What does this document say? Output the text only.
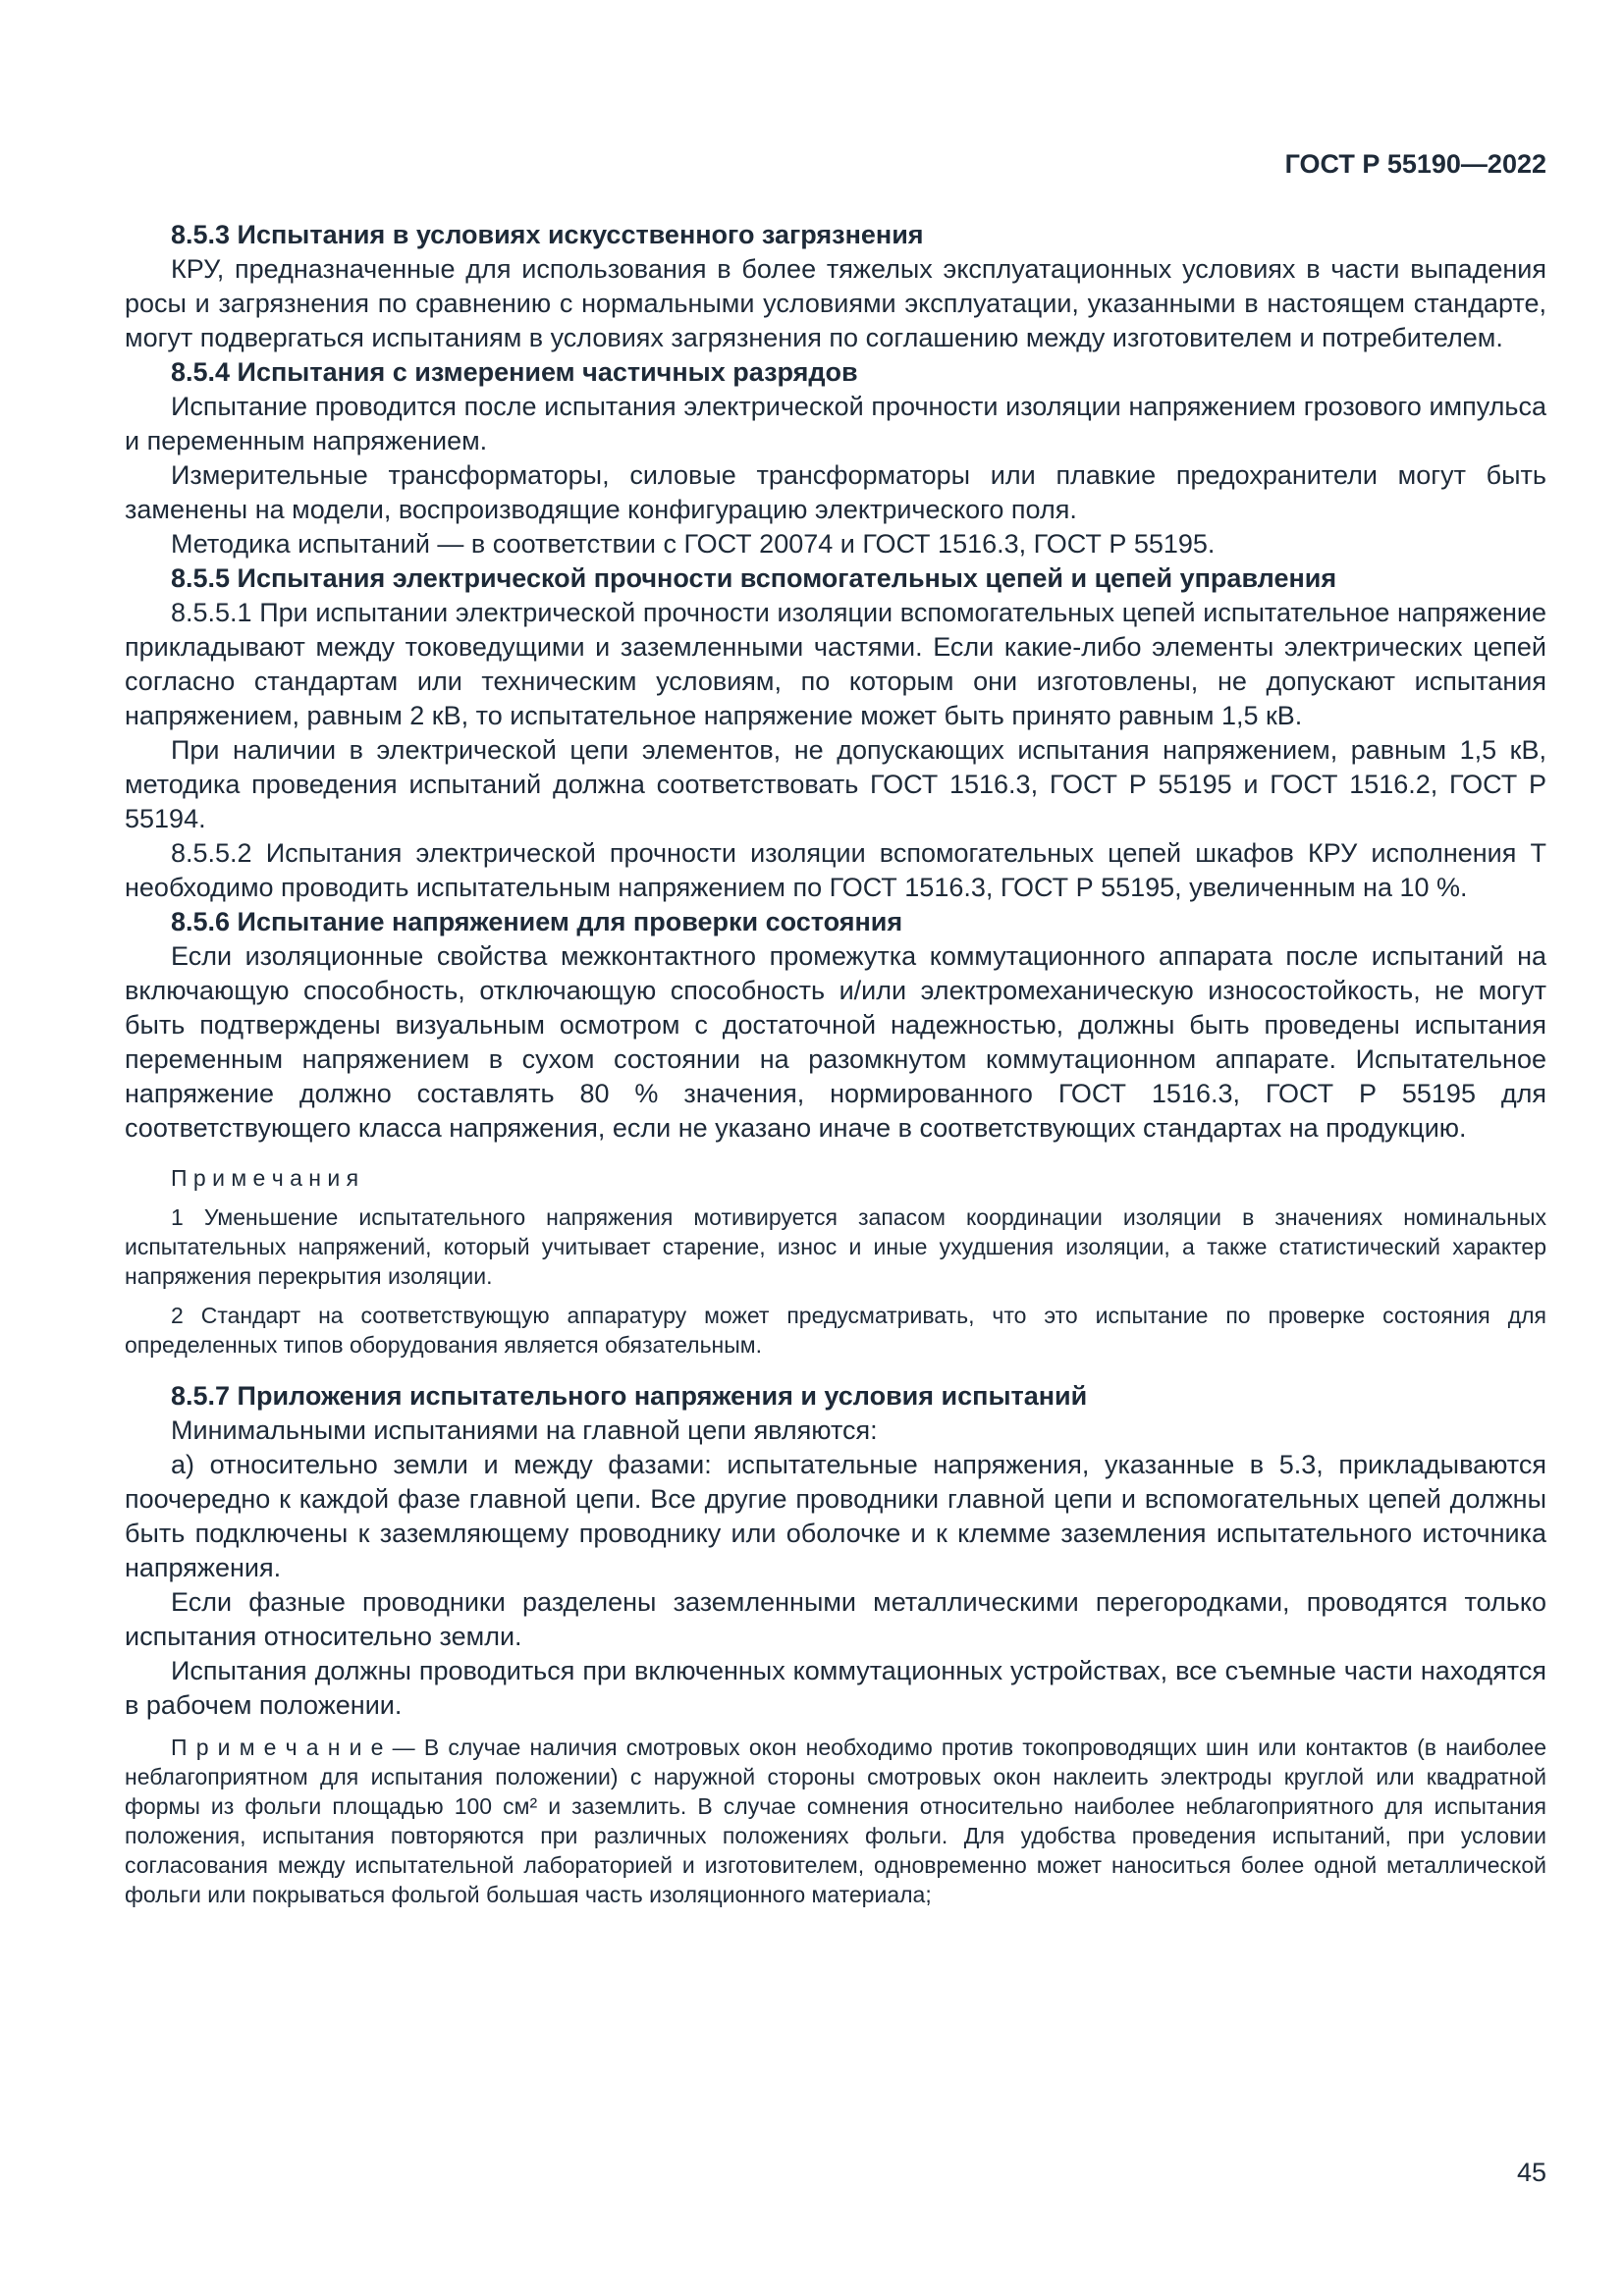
ГОСТ Р 55190—2022
8.5.3 Испытания в условиях искусственного загрязнения
КРУ, предназначенные для использования в более тяжелых эксплуатационных условиях в части выпадения росы и загрязнения по сравнению с нормальными условиями эксплуатации, указанными в настоящем стандарте, могут подвергаться испытаниям в условиях загрязнения по соглашению между изготовителем и потребителем.
8.5.4 Испытания с измерением частичных разрядов
Испытание проводится после испытания электрической прочности изоляции напряжением грозового импульса и переменным напряжением.
Измерительные трансформаторы, силовые трансформаторы или плавкие предохранители могут быть заменены на модели, воспроизводящие конфигурацию электрического поля.
Методика испытаний — в соответствии с ГОСТ 20074 и ГОСТ 1516.3, ГОСТ Р 55195.
8.5.5 Испытания электрической прочности вспомогательных цепей и цепей управления
8.5.5.1 При испытании электрической прочности изоляции вспомогательных цепей испытательное напряжение прикладывают между токоведущими и заземленными частями. Если какие-либо элементы электрических цепей согласно стандартам или техническим условиям, по которым они изготовлены, не допускают испытания напряжением, равным 2 кВ, то испытательное напряжение может быть принято равным 1,5 кВ.
При наличии в электрической цепи элементов, не допускающих испытания напряжением, равным 1,5 кВ, методика проведения испытаний должна соответствовать ГОСТ 1516.3, ГОСТ Р 55195 и ГОСТ 1516.2, ГОСТ Р 55194.
8.5.5.2 Испытания электрической прочности изоляции вспомогательных цепей шкафов КРУ исполнения Т необходимо проводить испытательным напряжением по ГОСТ 1516.3, ГОСТ Р 55195, увеличенным на 10 %.
8.5.6 Испытание напряжением для проверки состояния
Если изоляционные свойства межконтактного промежутка коммутационного аппарата после испытаний на включающую способность, отключающую способность и/или электромеханическую износостойкость, не могут быть подтверждены визуальным осмотром с достаточной надежностью, должны быть проведены испытания переменным напряжением в сухом состоянии на разомкнутом коммутационном аппарате. Испытательное напряжение должно составлять 80 % значения, нормированного ГОСТ 1516.3, ГОСТ Р 55195 для соответствующего класса напряжения, если не указано иначе в соответствующих стандартах на продукцию.
П р и м е ч а н и я
1 Уменьшение испытательного напряжения мотивируется запасом координации изоляции в значениях номинальных испытательных напряжений, который учитывает старение, износ и иные ухудшения изоляции, а также статистический характер напряжения перекрытия изоляции.
2 Стандарт на соответствующую аппаратуру может предусматривать, что это испытание по проверке состояния для определенных типов оборудования является обязательным.
8.5.7 Приложения испытательного напряжения и условия испытаний
Минимальными испытаниями на главной цепи являются:
а) относительно земли и между фазами: испытательные напряжения, указанные в 5.3, прикладываются поочередно к каждой фазе главной цепи. Все другие проводники главной цепи и вспомогательных цепей должны быть подключены к заземляющему проводнику или оболочке и к клемме заземления испытательного источника напряжения.
Если фазные проводники разделены заземленными металлическими перегородками, проводятся только испытания относительно земли.
Испытания должны проводиться при включенных коммутационных устройствах, все съемные части находятся в рабочем положении.
П р и м е ч а н и е — В случае наличия смотровых окон необходимо против токопроводящих шин или контактов (в наиболее неблагоприятном для испытания положении) с наружной стороны смотровых окон наклеить электроды круглой или квадратной формы из фольги площадью 100 см² и заземлить. В случае сомнения относительно наиболее неблагоприятного для испытания положения, испытания повторяются при различных положениях фольги. Для удобства проведения испытаний, при условии согласования между испытательной лабораторией и изготовителем, одновременно может наноситься более одной металлической фольги или покрываться фольгой большая часть изоляционного материала;
45
